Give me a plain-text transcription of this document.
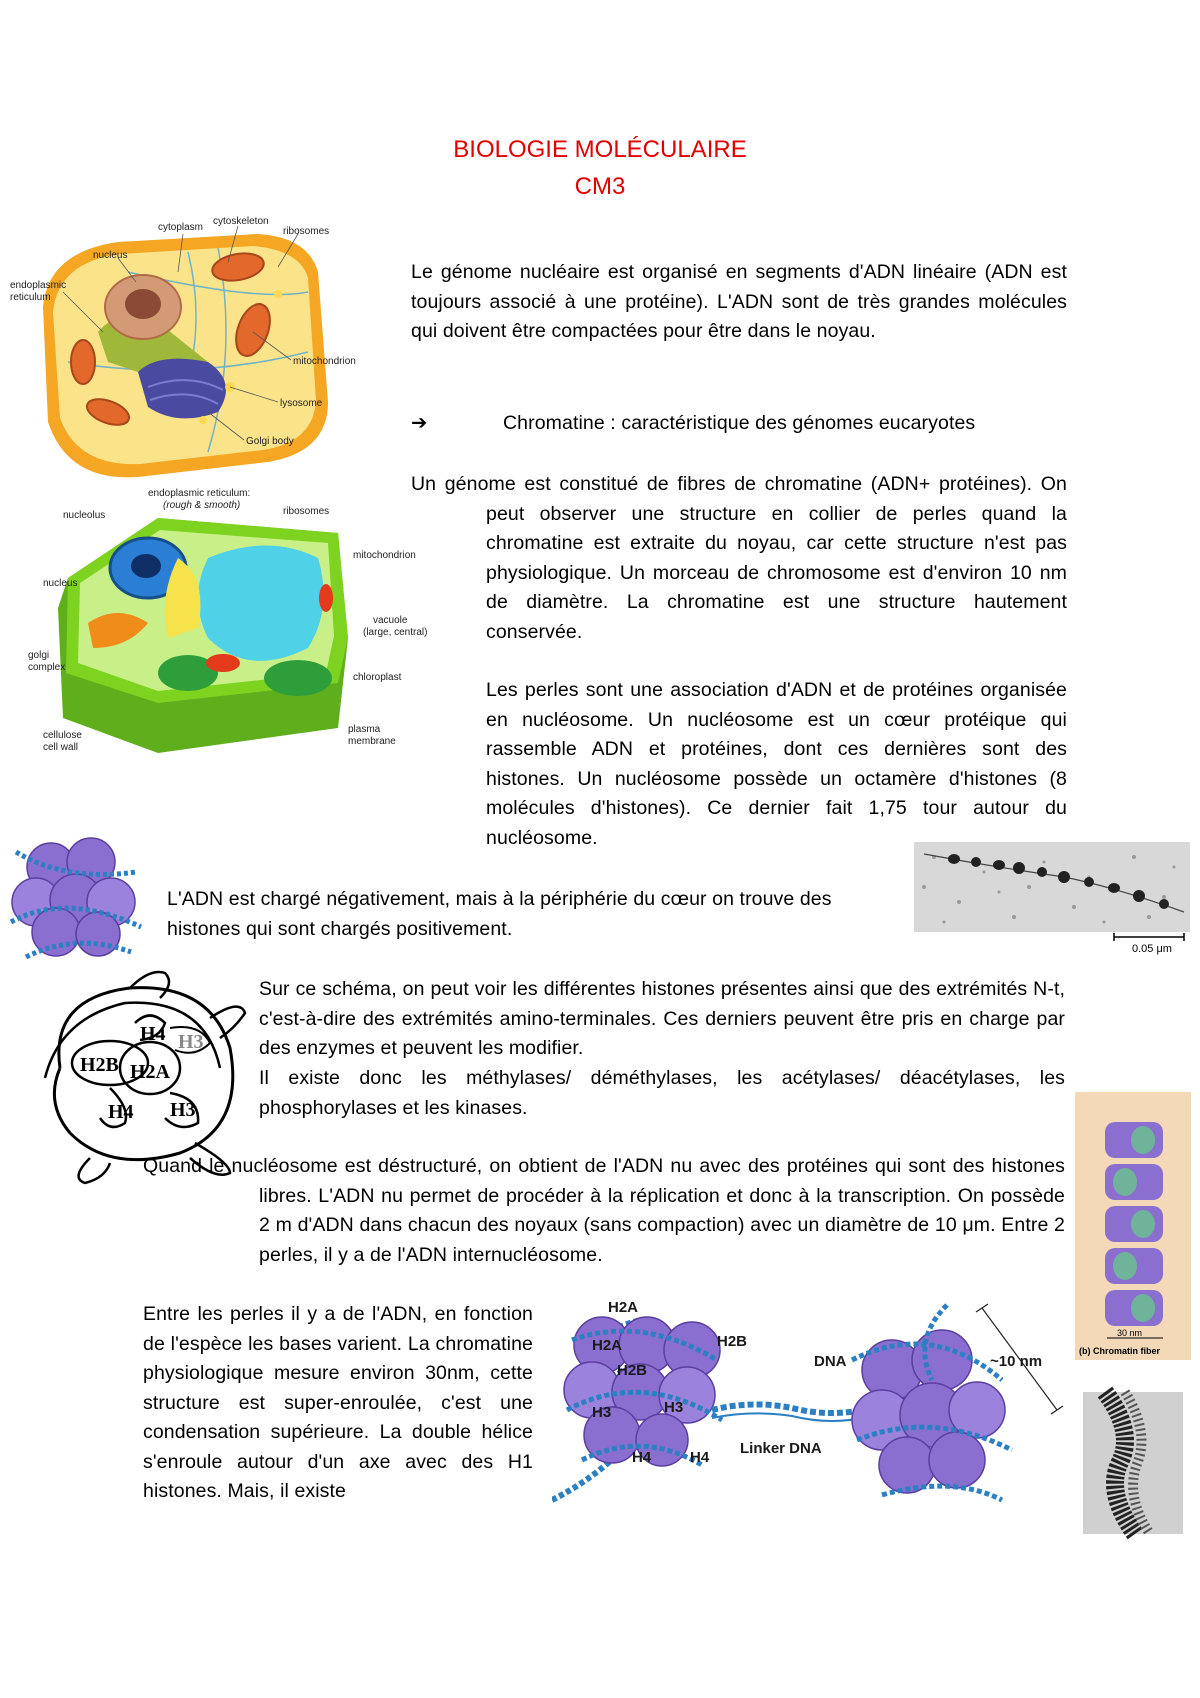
BIOLOGIE MOLÉCULAIRE
CM3
cytoplasm
cytoskeleton
ribosomes
nucleus
endoplasmic
reticulum
mitochondrion
lysosome
Golgi body
endoplasmic reticulum:
(rough & smooth)
nucleolus	ribosomes
mitochondrion
nucleus
vacuole
(large, central)
golgi
complex
chloroplast
cellulose
cell wall
plasma
membrane
Le génome nucléaire est organisé en segments d'ADN linéaire (ADN est toujours associé à une protéine). L'ADN sont de très grandes molécules qui doivent être compactées pour être dans le noyau.
➔	Chromatine : caractéristique des génomes eucaryotes
Un génome est constitué de fibres de chromatine (ADN+ protéines). On peut observer une structure en collier de perles quand la chromatine est extraite du noyau, car cette structure n'est pas physiologique. Un morceau de chromosome est d'environ 10 nm de diamètre. La chromatine est une structure hautement conservée.
Les perles sont une association d'ADN et de protéines organisée en nucléosome. Un nucléosome est un cœur protéique qui rassemble ADN et protéines, dont ces dernières sont des histones. Un nucléosome possède un octamère d'histones (8 molécules d'histones). Ce dernier fait 1,75 tour autour du nucléosome.
L'ADN est chargé négativement, mais à la périphérie du cœur on trouve des histones qui sont chargés positivement.
0.05 μm
H4
H2B H2A
H3
H4
H3
Sur ce schéma, on peut voir les différentes histones présentes ainsi que des extrémités N-t, c'est-à-dire des extrémités amino-terminales. Ces derniers peuvent être pris en charge par des enzymes et peuvent les modifier.
Il existe donc les méthylases/ déméthylases, les acétylases/ déacétylases, les phosphorylases et les kinases.
Quand le nucléosome est déstructuré, on obtient de l'ADN nu avec des protéines qui sont des histones libres. L'ADN nu permet de procéder à la réplication et donc à la transcription. On possède 2 m d'ADN dans chacun des noyaux (sans compaction) avec un diamètre de 10 μm. Entre 2 perles, il y a de l'ADN internucléosome.
30 nm
(b) Chromatin fiber
Entre les perles il y a de l'ADN, en fonction de l'espèce les bases varient. La chromatine physiologique mesure environ 30nm, cette structure est super-enroulée, c'est une condensation supérieure. La double hélice s'enroule autour d'un axe avec des H1 histones. Mais, il existe
H2A
H2A
H2B
H2B
H3	H3
H4	H4
DNA
Linker DNA
~10 nm
